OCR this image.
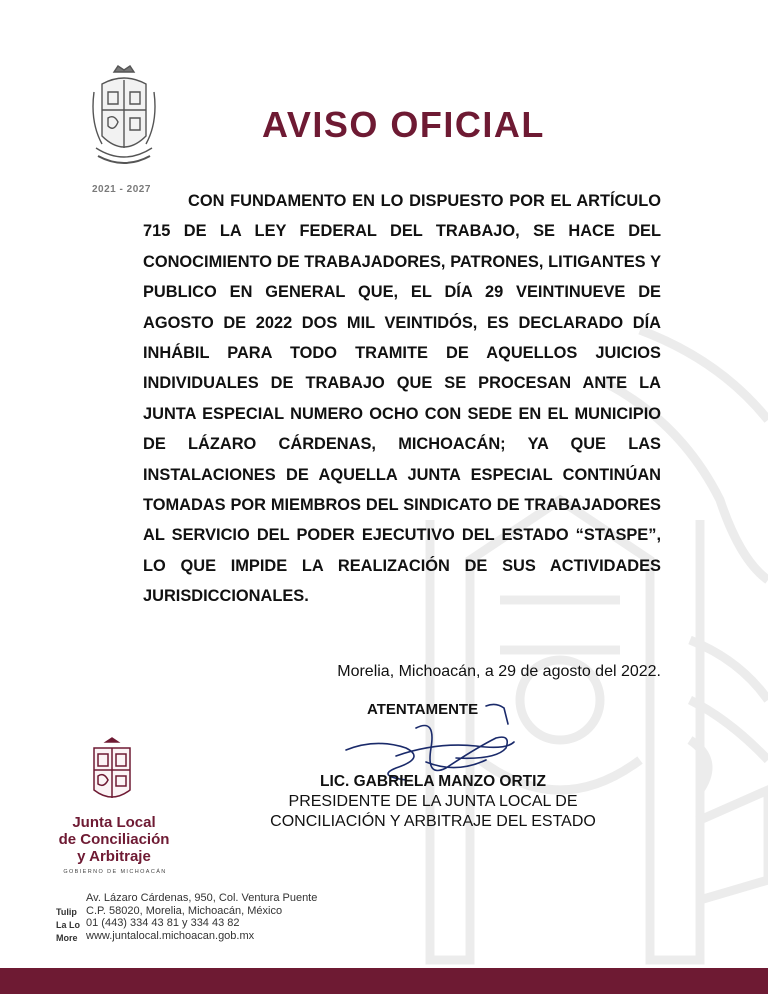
2021 - 2027
AVISO OFICIAL

CON FUNDAMENTO EN LO DISPUESTO POR EL ARTÍCULO 715 DE LA LEY FEDERAL DEL TRABAJO, SE HACE DEL CONOCIMIENTO DE TRABAJADORES, PATRONES, LITIGANTES Y PUBLICO EN GENERAL QUE, EL DÍA 29 VEINTINUEVE DE AGOSTO DE 2022 DOS MIL VEINTIDÓS, ES DECLARADO DÍA INHÁBIL PARA TODO TRAMITE DE AQUELLOS JUICIOS INDIVIDUALES DE TRABAJO QUE SE PROCESAN ANTE LA JUNTA ESPECIAL NUMERO OCHO CON SEDE EN EL MUNICIPIO DE LÁZARO CÁRDENAS, MICHOACÁN; YA QUE LAS INSTALACIONES DE AQUELLA JUNTA ESPECIAL CONTINÚAN TOMADAS POR MIEMBROS DEL SINDICATO DE TRABAJADORES AL SERVICIO DEL PODER EJECUTIVO DEL ESTADO “STASPE”, LO QUE IMPIDE LA REALIZACIÓN DE SUS ACTIVIDADES JURISDICCIONALES.

Morelia, Michoacán, a 29 de agosto del 2022.
ATENTAMENTE
LIC. GABRIELA MANZO ORTIZ
PRESIDENTE DE LA JUNTA LOCAL DE
CONCILIACIÓN Y ARBITRAJE DEL ESTADO
Junta Local
de Conciliación
y Arbitraje
GOBIERNO DE MICHOACÁN
Tulip
La Lo
More
Av. Lázaro Cárdenas, 950, Col. Ventura Puente
C.P. 58020, Morelia, Michoacán, México
01 (443) 334 43 81 y 334 43 82
www.juntalocal.michoacan.gob.mx
